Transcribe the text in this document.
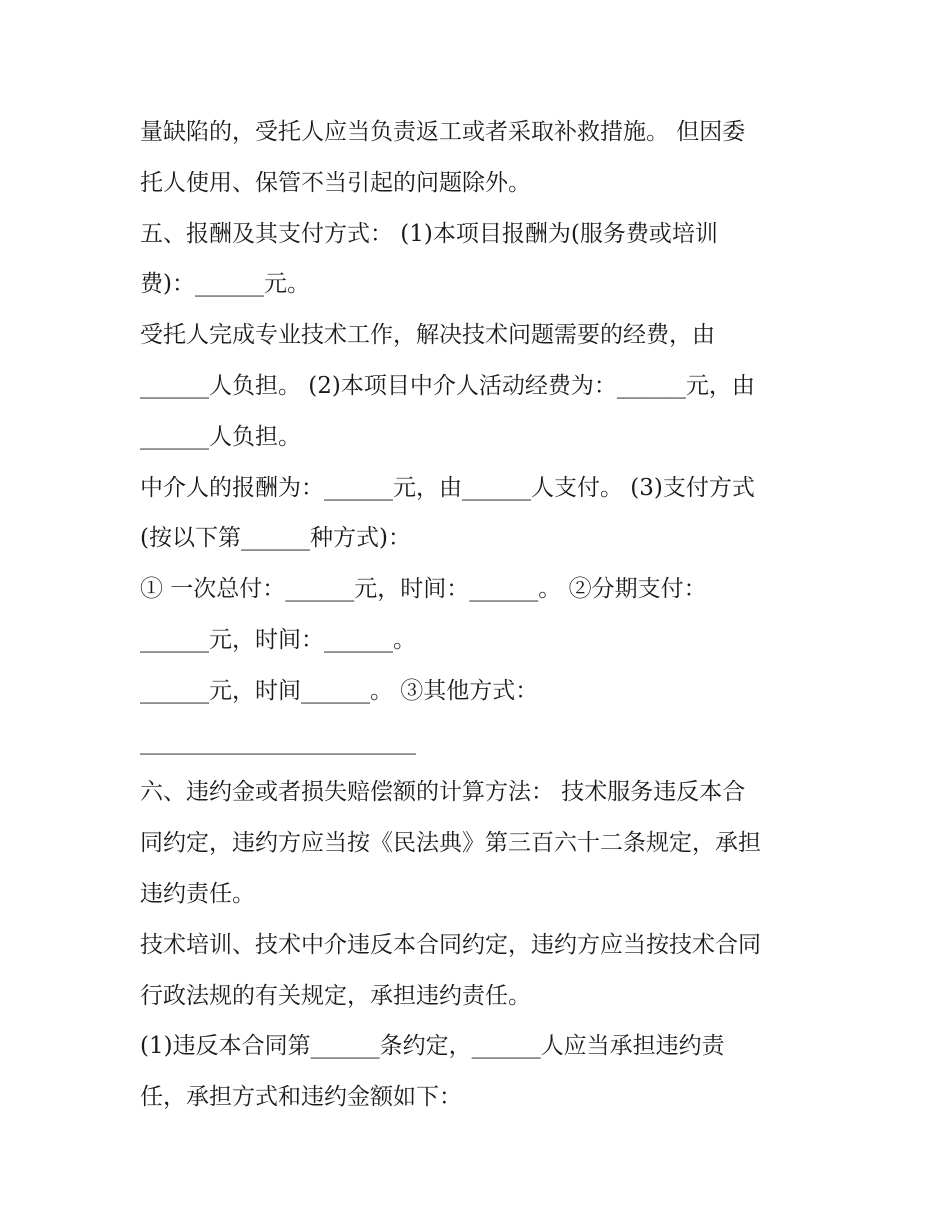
量缺陷的，受托人应当负责返工或者采取补救措施。 但因委
托人使用、保管不当引起的问题除外。
五、报酬及其支付方式： (1)本项目报酬为(服务费或培训
费)：______元。
受托人完成专业技术工作，解决技术问题需要的经费，由
______人负担。 (2)本项目中介人活动经费为：______元，由
______人负担。
中介人的报酬为：______元，由______人支付。 (3)支付方式
(按以下第______种方式)：
① 一次总付：______元，时间：______。 ②分期支付：
______元，时间：______。
______元，时间______。 ③其他方式：
________________________
六、违约金或者损失赔偿额的计算方法： 技术服务违反本合
同约定，违约方应当按《民法典》第三百六十二条规定，承担
违约责任。
技术培训、技术中介违反本合同约定，违约方应当按技术合同
行政法规的有关规定，承担违约责任。
(1)违反本合同第______条约定，______人应当承担违约责
任，承担方式和违约金额如下：
